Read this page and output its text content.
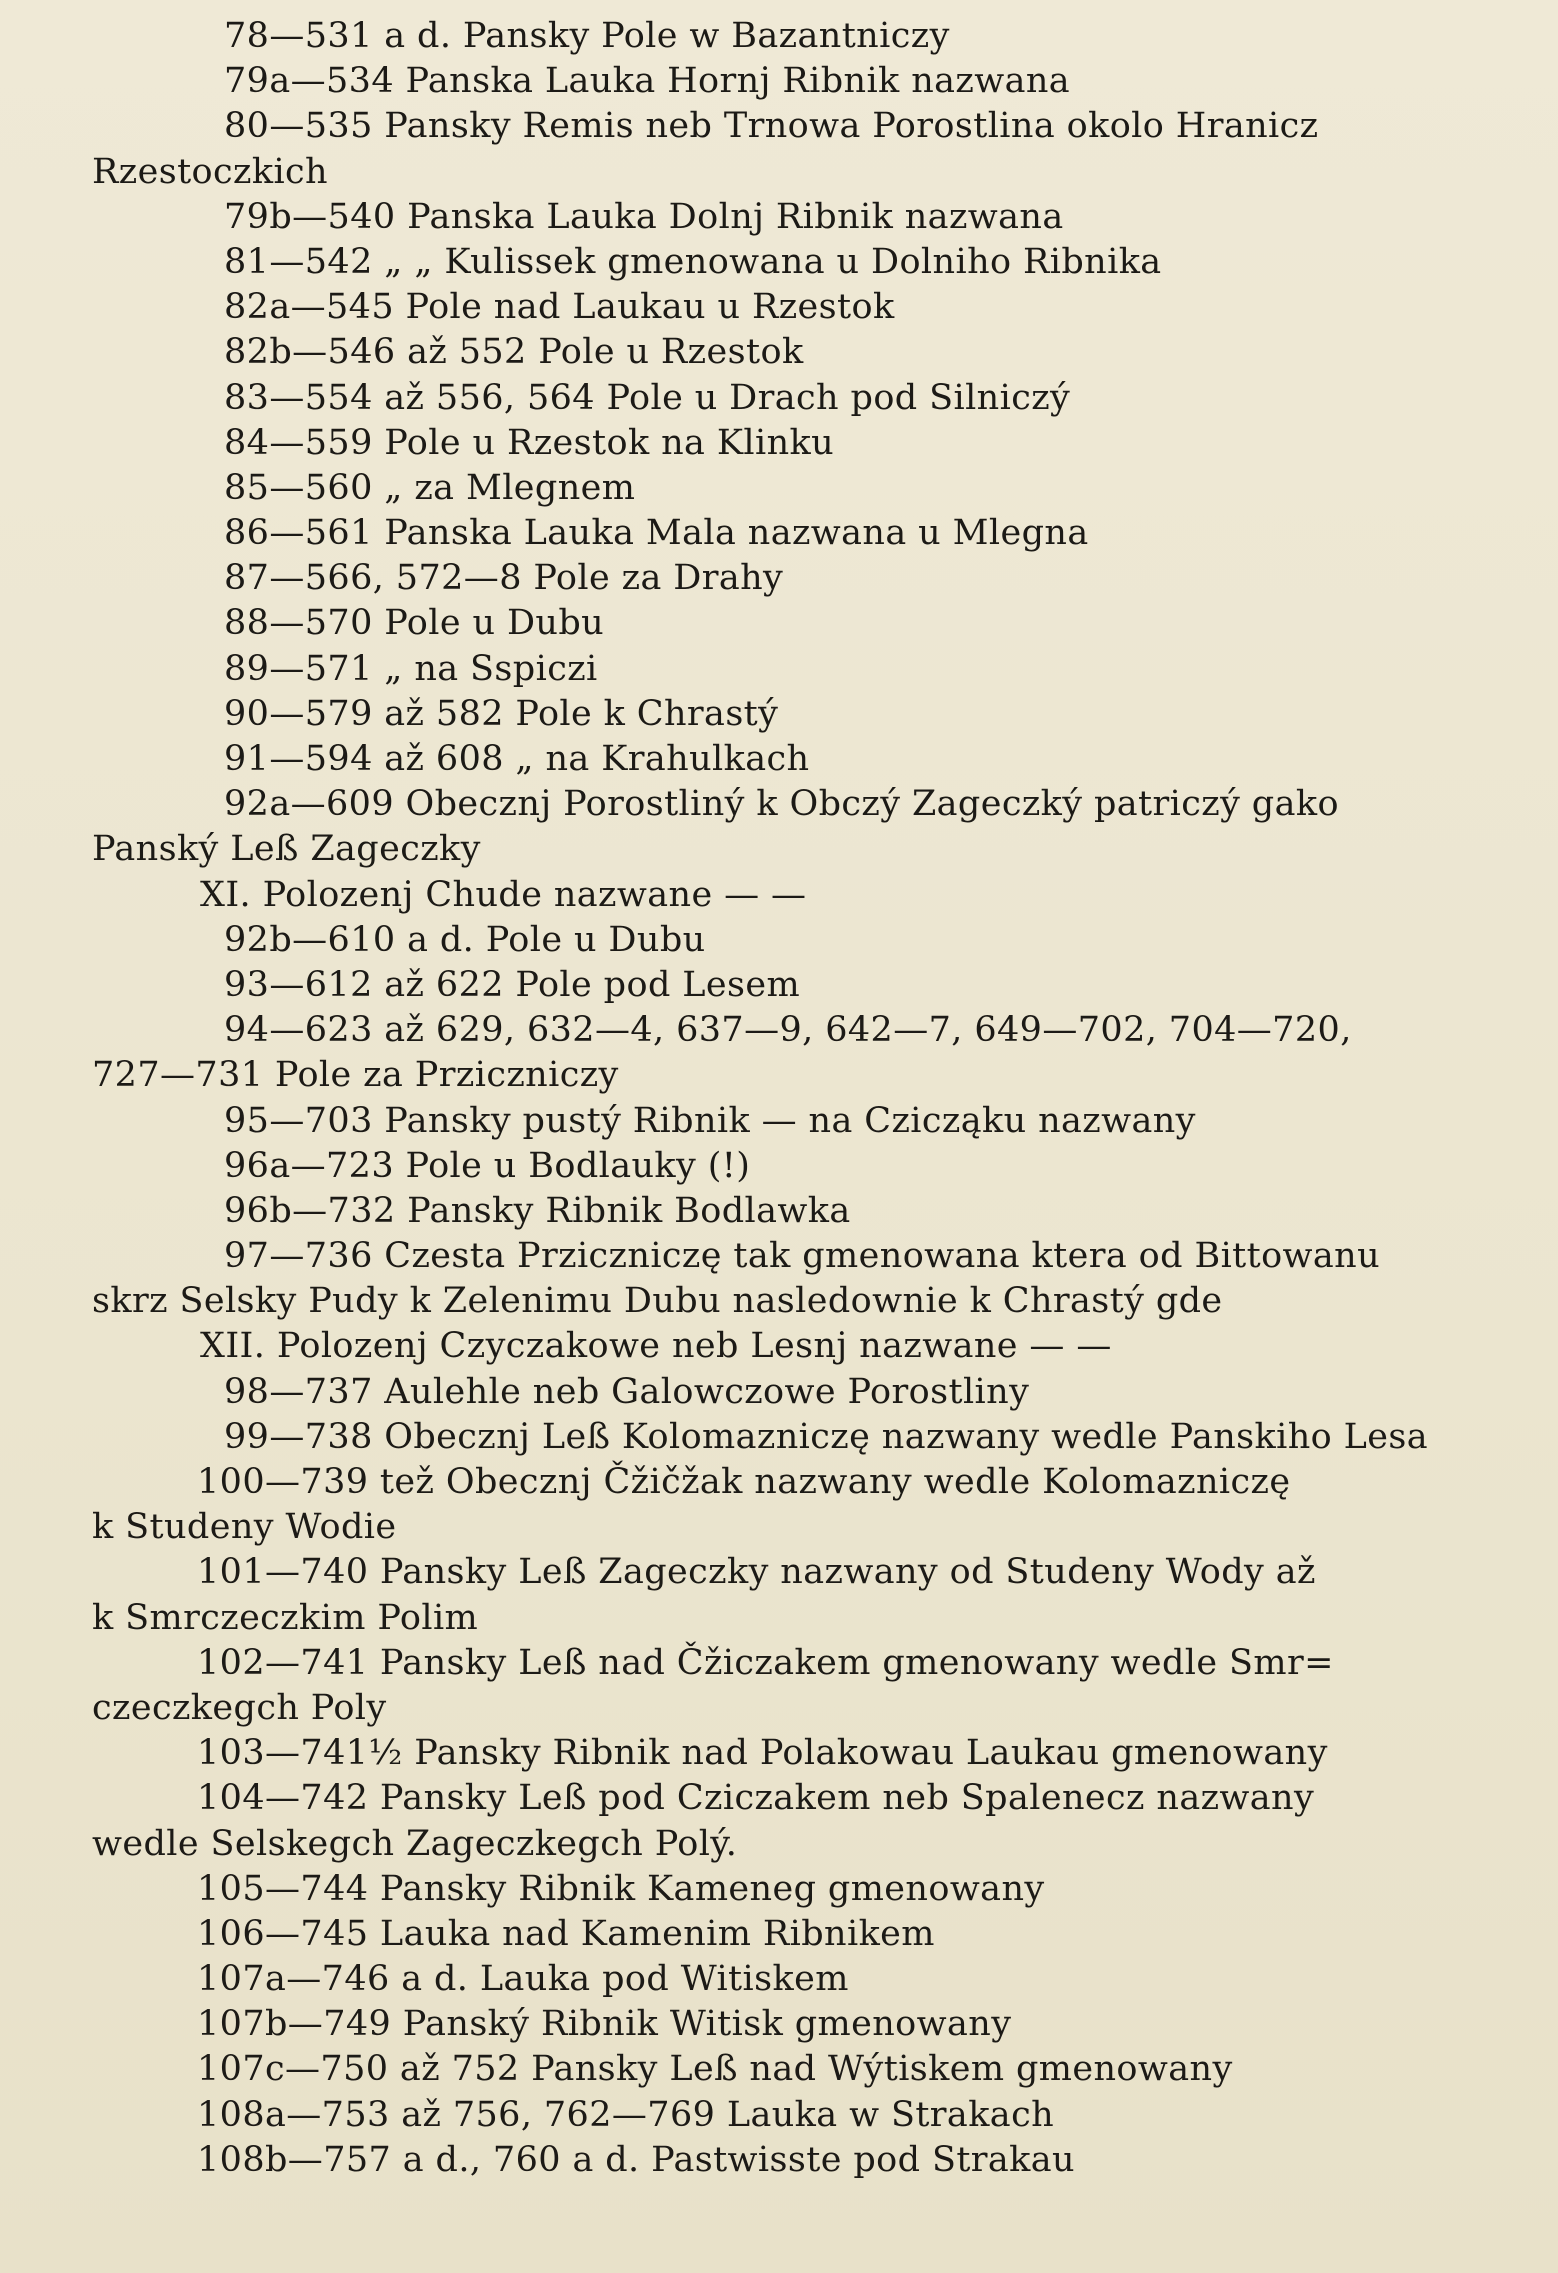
78—531 a d. Pansky Pole w Bazantniczy
79a—534 Panska Lauka Hornj Ribnik nazwana
80—535 Pansky Remis neb Trnowa Porostlina okolo Hranicz
Rzestoczkich
79b—540 Panska Lauka Dolnj Ribnik nazwana
81—542 „ „ Kulissek gmenowana u Dolniho Ribnika
82a—545 Pole nad Laukau u Rzestok
82b—546 až 552 Pole u Rzestok
83—554 až 556, 564 Pole u Drach pod Silniczý
84—559 Pole u Rzestok na Klinku
85—560 „ za Mlegnem
86—561 Panska Lauka Mala nazwana u Mlegna
87—566, 572—8 Pole za Drahy
88—570 Pole u Dubu
89—571 „ na Sspiczi
90—579 až 582 Pole k Chrastý
91—594 až 608 „ na Krahulkach
92a—609 Obecznj Porostliný k Obczý Zageczký patriczý gako
Panský Leß Zageczky
XI. Polozenj Chude nazwane — —
92b—610 a d. Pole u Dubu
93—612 až 622 Pole pod Lesem
94—623 až 629, 632—4, 637—9, 642—7, 649—702, 704—720,
727—731 Pole za Prziczniczy
95—703 Pansky pustý Ribnik — na Czicząku nazwany
96a—723 Pole u Bodlauky (!)
96b—732 Pansky Ribnik Bodlawka
97—736 Czesta Prziczniczę tak gmenowana ktera od Bittowanu
skrz Selsky Pudy k Zelenimu Dubu nasledownie k Chrastý gde
XII. Polozenj Czyczakowe neb Lesnj nazwane — —
98—737 Aulehle neb Galowczowe Porostliny
99—738 Obecznj Leß Kolomazniczę nazwany wedle Panskiho Lesa
100—739 tež Obecznj Čžičžak nazwany wedle Kolomazniczę
k Studeny Wodie
101—740 Pansky Leß Zageczky nazwany od Studeny Wody až
k Smrczeczkim Polim
102—741 Pansky Leß nad Čžiczakem gmenowany wedle Smr=
czeczkegch Poly
103—741½ Pansky Ribnik nad Polakowau Laukau gmenowany
104—742 Pansky Leß pod Cziczakem neb Spalenecz nazwany
wedle Selskegch Zageczkegch Polý.
105—744 Pansky Ribnik Kameneg gmenowany
106—745 Lauka nad Kamenim Ribnikem
107a—746 a d. Lauka pod Witiskem
107b—749 Panský Ribnik Witisk gmenowany
107c—750 až 752 Pansky Leß nad Wýtiskem gmenowany
108a—753 až 756, 762—769 Lauka w Strakach
108b—757 a d., 760 a d. Pastwisste pod Strakau
